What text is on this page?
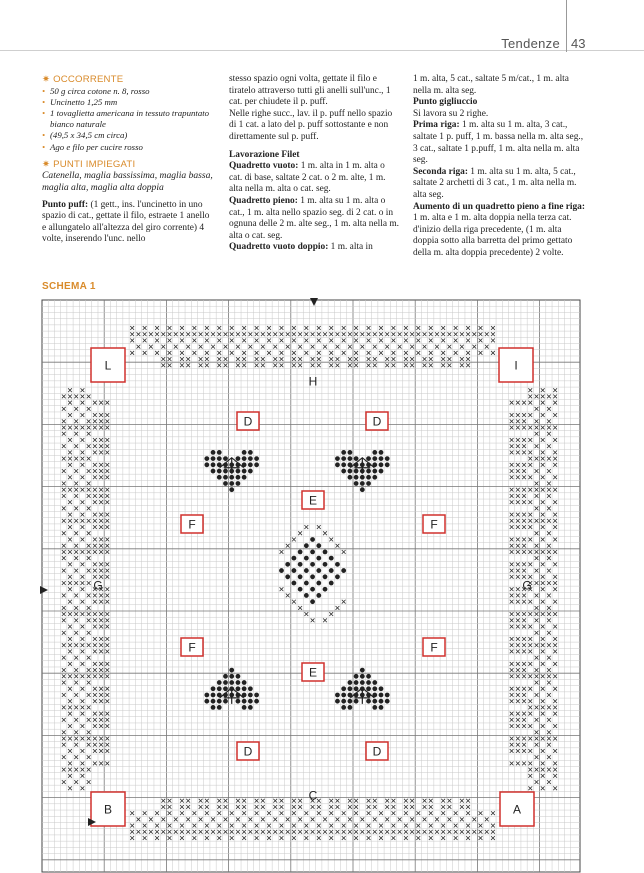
Tendenze 43

✷ OCCORRENTE

• 50 g circa cotone n. 8, rosso
• Uncinetto 1,25 mm
• 1 tovaglietta americana in tessuto trapuntato bianco naturale
• (49,5 x 34,5 cm circa)
• Ago e filo per cucire rosso

✷ PUNTI IMPIEGATI

Catenella, maglia bassissima, maglia bassa, maglia alta, maglia alta doppia

Punto puff: (1 gett., ins. l'uncinetto in uno spazio di cat., gettate il filo, estraete 1 anello e allungatelo all'altezza del giro corrente) 4 volte, inserendo l'unc. nello

stesso spazio ogni volta, gettate il filo e tiratelo attraverso tutti gli anelli sull'unc., 1 cat. per chiudete il p. puff.

Nelle righe succ., lav. il p. puff nello spazio di 1 cat. a lato del p. puff sottostante e non direttamente sul p. puff.

Lavorazione Filet

Quadretto vuoto: 1 m. alta in 1 m. alta o cat. di base, saltate 2 cat. o 2 m. alte, 1 m. alta nella m. alta o cat. seg.

Quadretto pieno: 1 m. alta su 1 m. alta o cat., 1 m. alta nello spazio seg. di 2 cat. o in ognuna delle 2 m. alte seg., 1 m. alta nella m. alta o cat. seg.

Quadretto vuoto doppio: 1 m. alta in

1 m. alta, 5 cat., saltate 5 m/cat., 1 m. alta nella m. alta seg.

Punto gigliuccio

Si lavora su 2 righe.

Prima riga: 1 m. alta su 1 m. alta, 3 cat., saltate 1 p. puff, 1 m. bassa nella m. alta seg., 3 cat., saltate 1 p.puff, 1 m. alta nella m. alta seg.

Seconda riga: 1 m. alta su 1 m. alta, 5 cat., saltate 2 archetti di 3 cat., 1 m. alta nella m. alta seg.

Aumento di un quadretto pieno a fine riga: 1 m. alta e 1 m. alta doppia nella terza cat. d'inizio della riga precedente, (1 m. alta doppia sotto alla barretta del primo gettato della m. alta doppia precedente) 2 volte.

SCHEMA 1
L	I
H
D	D
E
F	F
G	G
F	F
E
D	D
C
B	A
